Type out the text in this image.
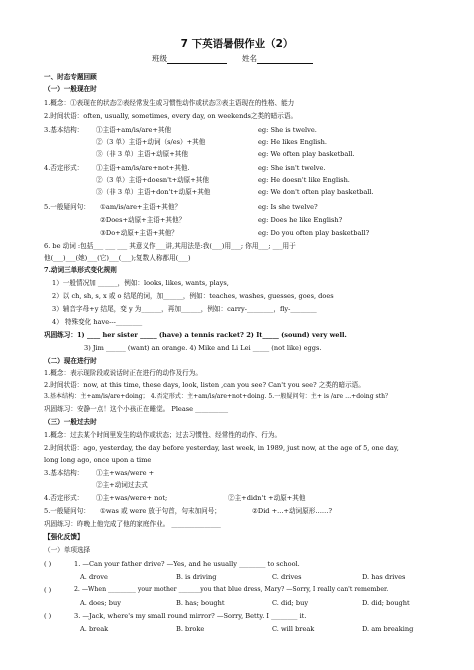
7 下英语暑假作业（2）
班级	姓名
一、时态专题回顾
（一）一般现在时
1.概念：①表现在的状态②表经常发生或习惯性动作或状态③表主语现在的性格、能力
2.时间状语：often, usually, sometimes, every day, on weekends之类的暗示语。
3.基本结构： ①主语+am/is/are+其他	eg: She is twelve.
②（3 单）主语+动词（s/es）+其他	eg: He likes English.
③（非 3 单）主语+动原+其他	eg: We often play basketball.
4.否定形式： ①主语+am/is/are+not+其他.	eg: She isn't twelve.
②（3 单）主语+doesn't+动原+其他	eg: He doesn't like English.
③（非 3 单）主语+don't+动原+其他	eg: We don't often play basketball.
5.一般疑问句： ①am/is/are+主语+其他？	eg: Is she twelve?
②Does+动原+主语+其他？	eg: Does he like English?
③Do+动原+主语+其他？	eg: Do you often play basketball?
6. be 动词 :包括___ ___ ___ 其意义作___讲,其用法是:我(___)用___; 你用___; ___用于
他(___)___(她)___(它)___(___);复数人称都用(___)
7.动词三单形式变化规则
1）一般情况加 ______，例如：looks, likes, wants, plays,
2）以 ch, sh, s, x 或 o 结尾的词，加______，例如：teaches, washes, guesses, goes, does
3）辅音字母+y 结尾，变 y 为______，再加______，例如：carry-________，fly-________
4） 特殊变化 have---________
巩固练习：1) ____ her sister _____ (have) a tennis racket? 2) It_____ (sound) very well.
3) Jim ______ (want) an orange. 4) Mike and Li Lei _____ (not like) eggs.
（二）现在进行时
1.概念：表示现阶段或说话时正在进行的动作及行为。
2.时间状语：now, at this time, these days, look, listen ,can you see? Can't you see? 之类的暗示语。
3.基本结构：主+am/is/are+doing； 4.否定形式：主+am/is/are+not+doing. 5.一般疑问句：主+ is /are …+doing sth？
巩固练习：安静一点！这个小孩正在睡觉。 Please __________
（三）一般过去时
1.概念：过去某个时间里发生的动作或状态；过去习惯性、经常性的动作、行为。
2.时间状语：ago, yesterday, the day before yesterday, last week, in 1989, just now, at the age of 5, one day,
long long ago, once upon a time
3.基本结构： ①主+was/were +
②主+动词过去式
4.否定形式： ①主+was/were+ not;	②主+didn't +动原+其他
5.一般疑问句： ①was 或 were 放于句首，句末加问号；	②Did +...+动词原形……?
巩固练习：昨晚上他完成了他的家庭作业。 _______________
【强化反馈】
（一）单项选择
( )	1. —Can your father drive? —Yes, and he usually ________ to school.
A. drove	B. is driving	C. drives	D. has drives
( )	2. —When _________ your mother _______you that blue dress, Mary? —Sorry, I really can't remember.
A. does; buy	B. has; bought	C. did; buy	D. did; bought
( )	3. —Jack, where's my small round mirror? —Sorry, Betty. I ________ it.
A. break	B. broke	C. will break	D. am breaking
